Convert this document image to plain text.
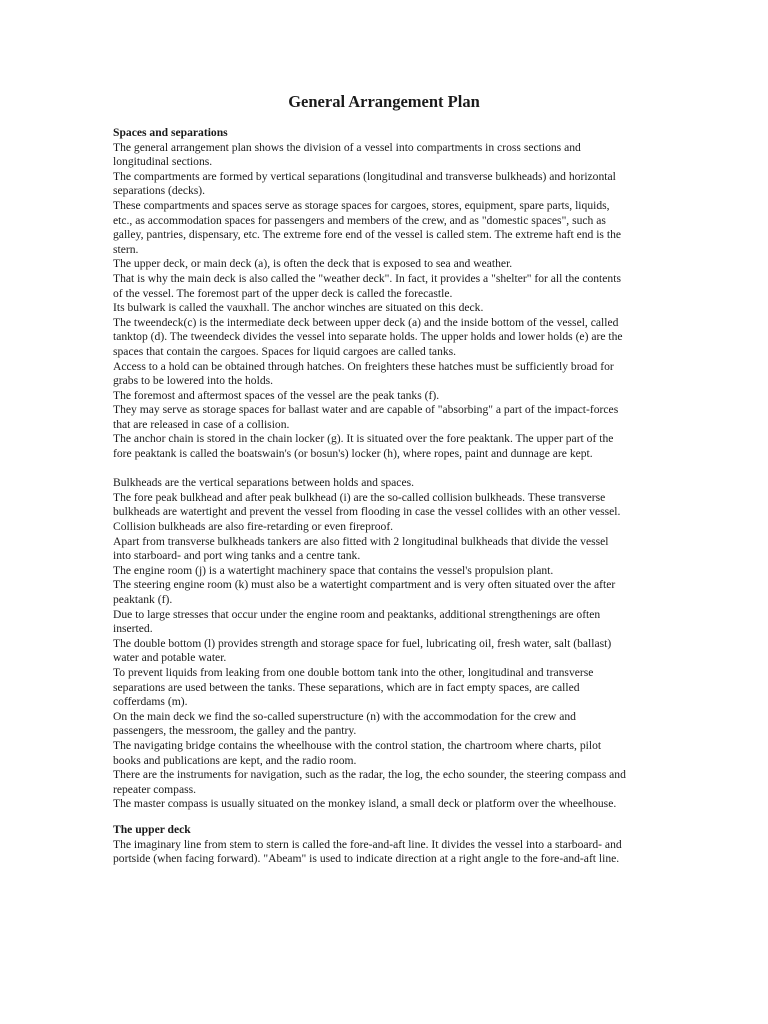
General Arrangement Plan
Spaces and separations

The general arrangement plan shows the division of a vessel into compartments in cross sections and longitudinal sections.

The compartments are formed by vertical separations (longitudinal and transverse bulkheads) and horizontal separations (decks).

These compartments and spaces serve as storage spaces for cargoes, stores, equipment, spare parts, liquids, etc., as accommodation spaces for passengers and members of the crew, and as "domestic spaces", such as galley, pantries, dispensary, etc. The extreme fore end of the vessel is called stem. The extreme haft end is the stern.

The upper deck, or main deck (a), is often the deck that is exposed to sea and weather.

That is why the main deck is also called the "weather deck". In fact, it provides a "shelter" for all the contents of the vessel. The foremost part of the upper deck is called the forecastle.

Its bulwark is called the vauxhall. The anchor winches are situated on this deck.

The tweendeck(c) is the intermediate deck between upper deck (a) and the inside bottom of the vessel, called tanktop (d). The tweendeck divides the vessel into separate holds. The upper holds and lower holds (e) are the spaces that contain the cargoes. Spaces for liquid cargoes are called tanks.

Access to a hold can be obtained through hatches. On freighters these hatches must be sufficiently broad for grabs to be lowered into the holds.

The foremost and aftermost spaces of the vessel are the peak tanks (f).

They may serve as storage spaces for ballast water and are capable of "absorbing" a part of the impact-forces that are released in case of a collision.

The anchor chain is stored in the chain locker (g). It is situated over the fore peaktank. The upper part of the fore peaktank is called the boatswain's (or bosun's) locker (h), where ropes, paint and dunnage are kept.

Bulkheads are the vertical separations between holds and spaces.

The fore peak bulkhead and after peak bulkhead (i) are the so-called collision bulkheads. These transverse bulkheads are watertight and prevent the vessel from flooding in case the vessel collides with an other vessel. Collision bulkheads are also fire-retarding or even fireproof.

Apart from transverse bulkheads tankers are also fitted with 2 longitudinal bulkheads that divide the vessel into starboard- and port wing tanks and a centre tank.

The engine room (j) is a watertight machinery space that contains the vessel's propulsion plant.

The steering engine room (k) must also be a watertight compartment and is very often situated over the after peaktank (f).

Due to large stresses that occur under the engine room and peaktanks, additional strengthenings are often inserted.

The double bottom (l) provides strength and storage space for fuel, lubricating oil, fresh water, salt (ballast) water and potable water.

To prevent liquids from leaking from one double bottom tank into the other, longitudinal and transverse separations are used between the tanks. These separations, which are in fact empty spaces, are called cofferdams (m).

On the main deck we find the so-called superstructure (n) with the accommodation for the crew and passengers, the messroom, the galley and the pantry.

The navigating bridge contains the wheelhouse with the control station, the chartroom where charts, pilot books and publications are kept, and the radio room.

There are the instruments for navigation, such as the radar, the log, the echo sounder, the steering compass and repeater compass.

The master compass is usually situated on the monkey island, a small deck or platform over the wheelhouse.

The upper deck

The imaginary line from stem to stern is called the fore-and-aft line. It divides the vessel into a starboard- and portside (when facing forward). "Abeam" is used to indicate direction at a right angle to the fore-and-aft line.
